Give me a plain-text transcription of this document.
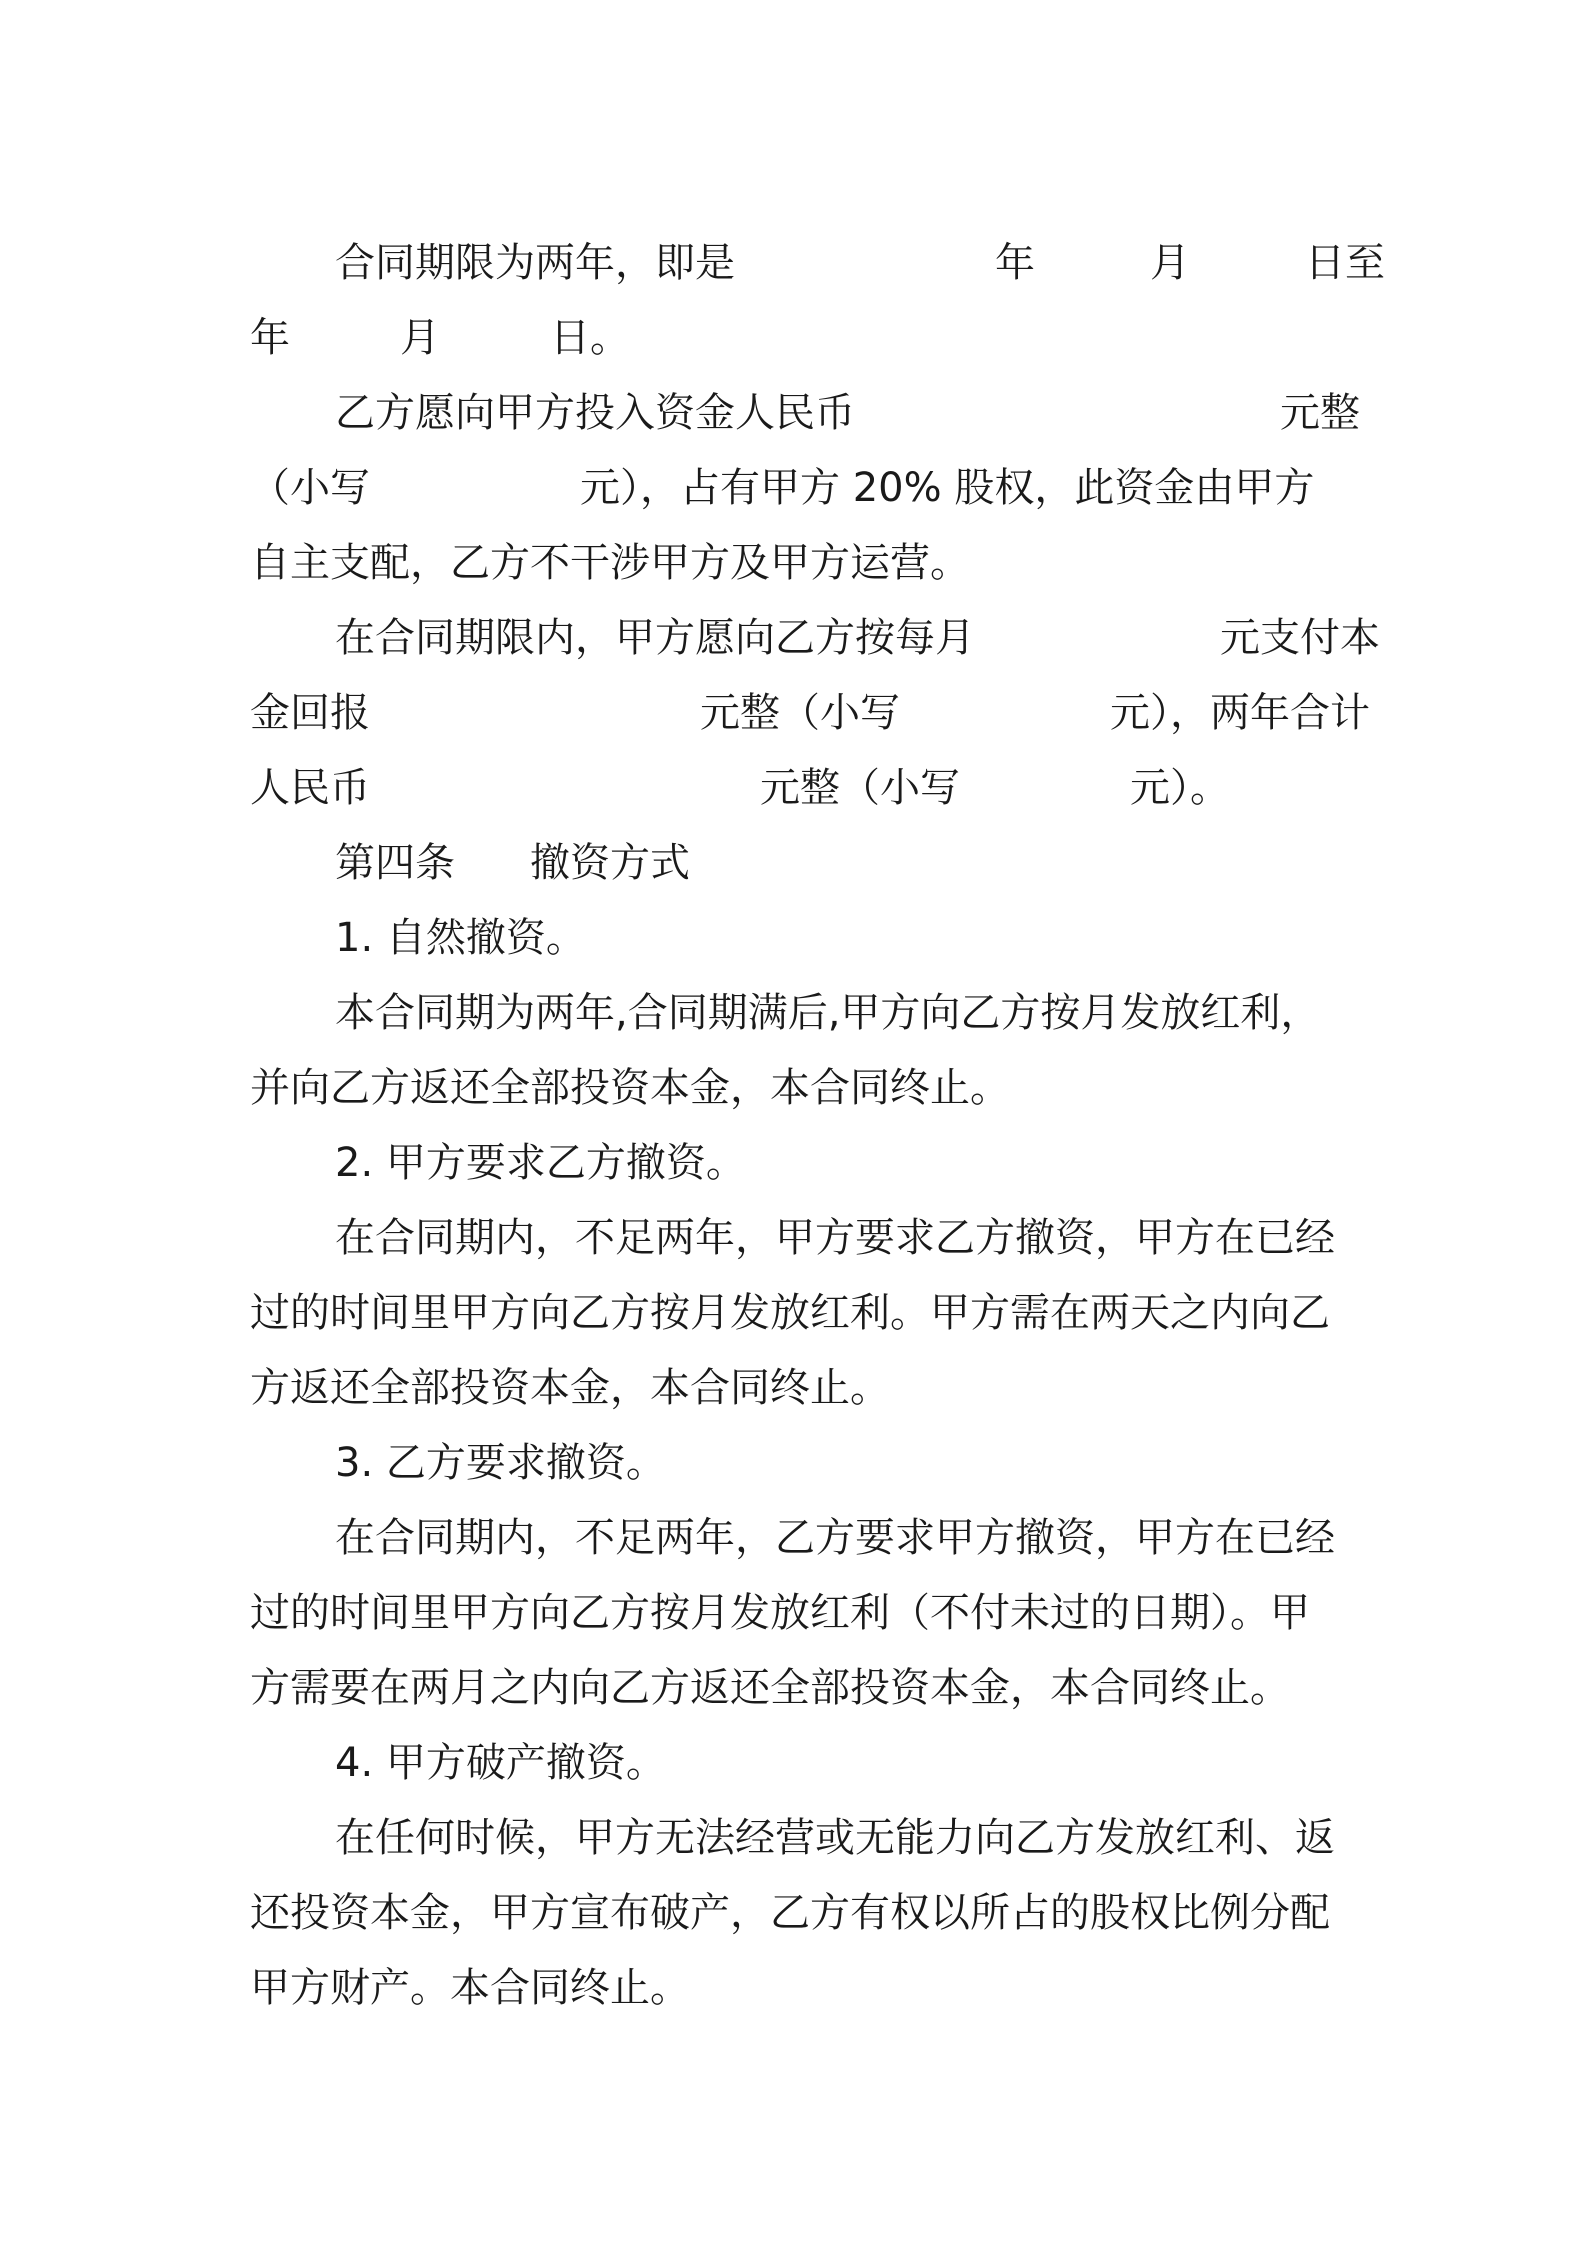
合同期限为两年，即是	年	月	日至
年	月	日。
乙方愿向甲方投入资金人民币	元整
（小写	元），占有甲方 20% 股权，此资金由甲方
自主支配，乙方不干涉甲方及甲方运营。
在合同期限内，甲方愿向乙方按每月	元支付本
金回报	元整（小写	元），两年合计
人民币	元整（小写	元）。
第四条 撤资方式
1. 自然撤资。
本合同期为两年,合同期满后,甲方向乙方按月发放红利，
并向乙方返还全部投资本金，本合同终止。
2. 甲方要求乙方撤资。
在合同期内，不足两年，甲方要求乙方撤资，甲方在已经
过的时间里甲方向乙方按月发放红利。甲方需在两天之内向乙
方返还全部投资本金，本合同终止。
3. 乙方要求撤资。
在合同期内，不足两年，乙方要求甲方撤资，甲方在已经
过的时间里甲方向乙方按月发放红利（不付未过的日期）。甲
方需要在两月之内向乙方返还全部投资本金，本合同终止。
4. 甲方破产撤资。
在任何时候，甲方无法经营或无能力向乙方发放红利、返
还投资本金，甲方宣布破产，乙方有权以所占的股权比例分配
甲方财产。本合同终止。
